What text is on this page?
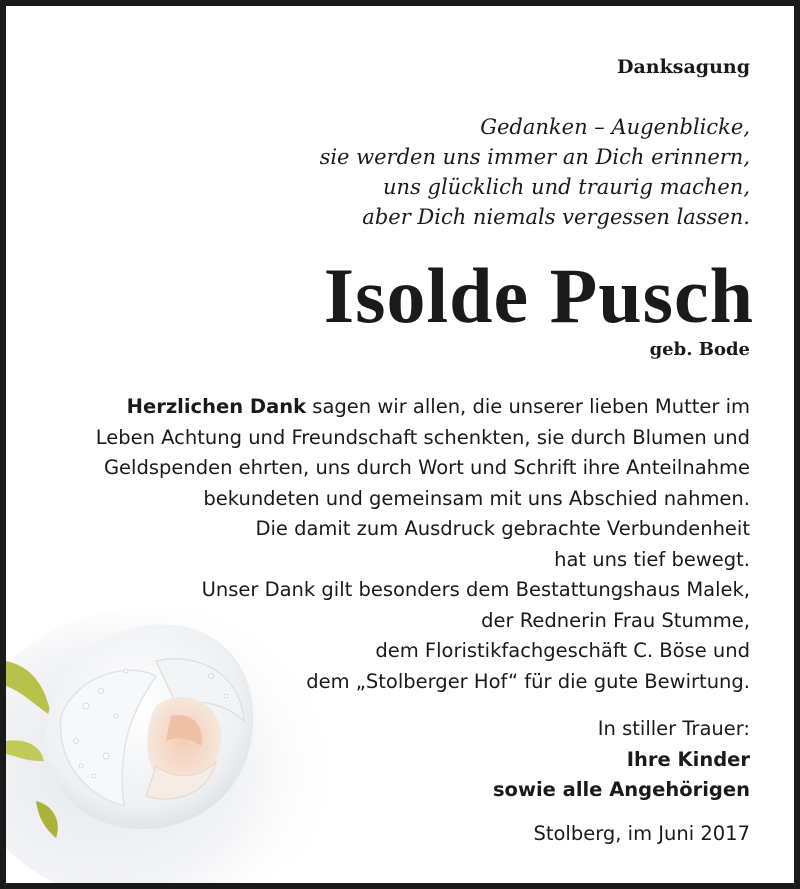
Danksagung

Gedanken – Augenblicke,
sie werden uns immer an Dich erinnern,
uns glücklich und traurig machen,
aber Dich niemals vergessen lassen.

Isolde Pusch

geb. Bode

Herzlichen Dank sagen wir allen, die unserer lieben Mutter im
Leben Achtung und Freundschaft schenkten, sie durch Blumen und
Geldspenden ehrten, uns durch Wort und Schrift ihre Anteilnahme
bekundeten und gemeinsam mit uns Abschied nahmen.
Die damit zum Ausdruck gebrachte Verbundenheit
hat uns tief bewegt.
Unser Dank gilt besonders dem Bestattungshaus Malek,
der Rednerin Frau Stumme,
dem Floristikfachgeschäft C. Böse und
dem „Stolberger Hof“ für die gute Bewirtung.

In stiller Trauer:
Ihre Kinder
sowie alle Angehörigen

Stolberg, im Juni 2017
